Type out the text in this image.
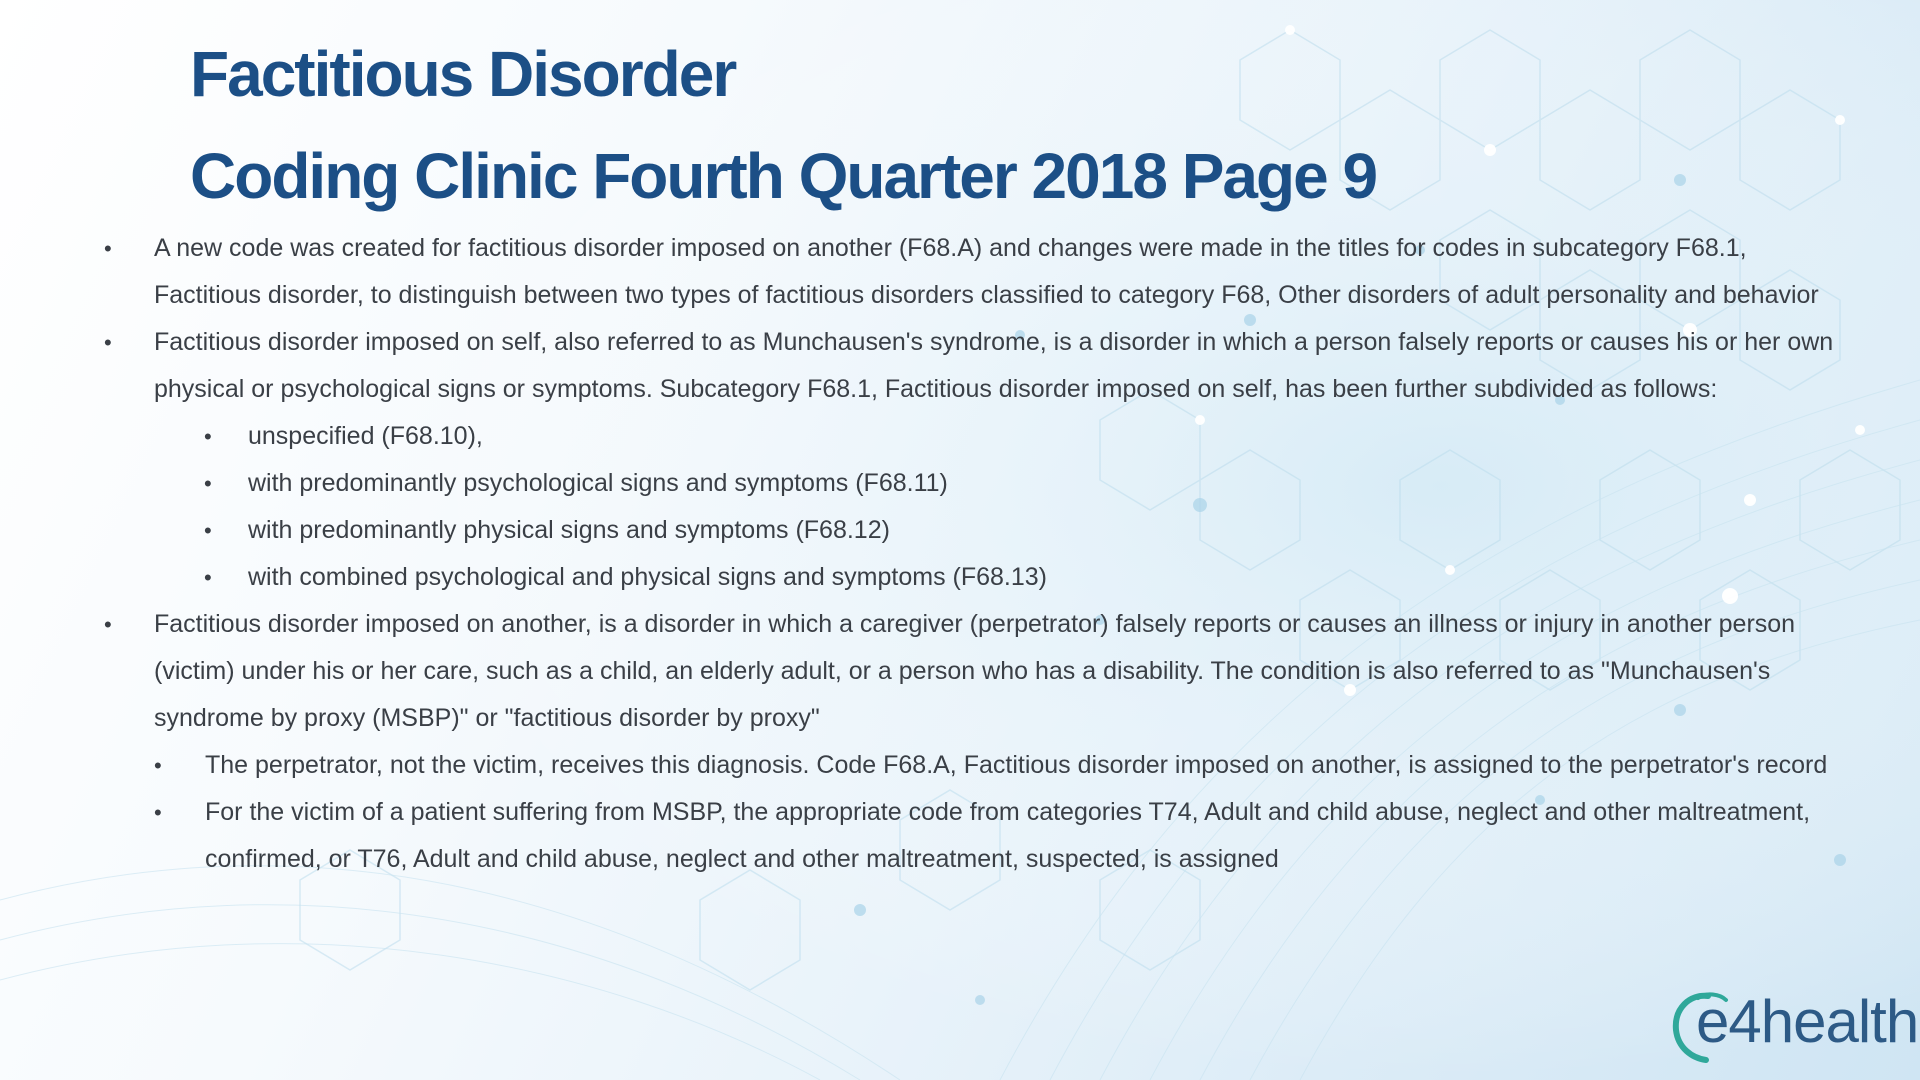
Factitious Disorder
Coding Clinic Fourth Quarter 2018 Page 9
• A new code was created for factitious disorder imposed on another (F68.A) and changes were made in the titles for codes in subcategory F68.1, Factitious disorder, to distinguish between two types of factitious disorders classified to category F68, Other disorders of adult personality and behavior
• Factitious disorder imposed on self, also referred to as Munchausen's syndrome, is a disorder in which a person falsely reports or causes his or her own physical or psychological signs or symptoms. Subcategory F68.1, Factitious disorder imposed on self, has been further subdivided as follows:
• unspecified (F68.10),
• with predominantly psychological signs and symptoms (F68.11)
• with predominantly physical signs and symptoms (F68.12)
• with combined psychological and physical signs and symptoms (F68.13)
• Factitious disorder imposed on another, is a disorder in which a caregiver (perpetrator) falsely reports or causes an illness or injury in another person (victim) under his or her care, such as a child, an elderly adult, or a person who has a disability. The condition is also referred to as "Munchausen's syndrome by proxy (MSBP)" or "factitious disorder by proxy"
• The perpetrator, not the victim, receives this diagnosis. Code F68.A, Factitious disorder imposed on another, is assigned to the perpetrator's record
• For the victim of a patient suffering from MSBP, the appropriate code from categories T74, Adult and child abuse, neglect and other maltreatment, confirmed, or T76, Adult and child abuse, neglect and other maltreatment, suspected, is assigned
e4health
